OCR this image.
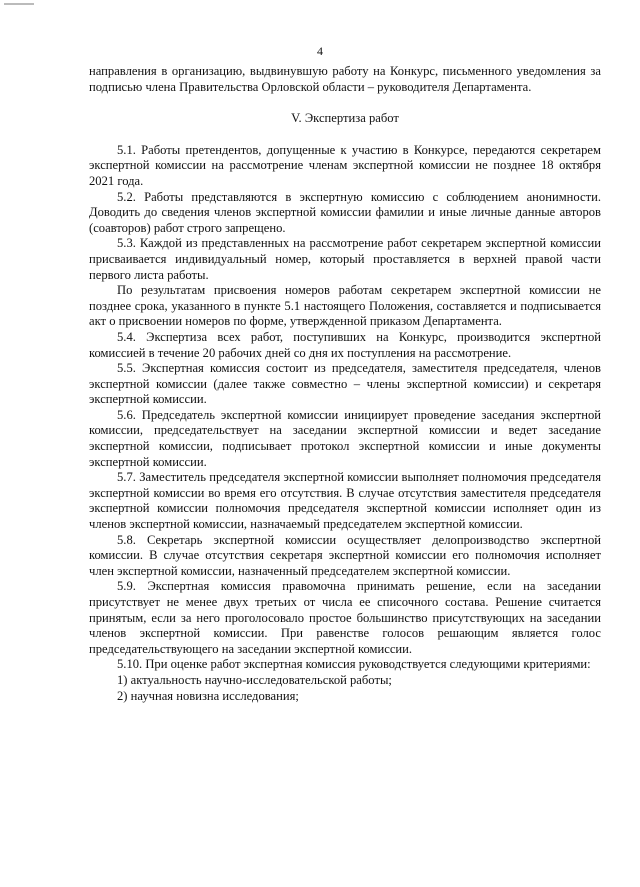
4

направления в организацию, выдвинувшую работу на Конкурс, письменного уведомления за подписью члена Правительства Орловской области – руководителя Департамента.

V. Экспертиза работ

5.1. Работы претендентов, допущенные к участию в Конкурсе, передаются секретарем экспертной комиссии на рассмотрение членам экспертной комиссии не позднее 18 октября 2021 года.

5.2. Работы представляются в экспертную комиссию с соблюдением анонимности. Доводить до сведения членов экспертной комиссии фамилии и иные личные данные авторов (соавторов) работ строго запрещено.

5.3. Каждой из представленных на рассмотрение работ секретарем экспертной комиссии присваивается индивидуальный номер, который проставляется в верхней правой части первого листа работы.

По результатам присвоения номеров работам секретарем экспертной комиссии не позднее срока, указанного в пункте 5.1 настоящего Положения, составляется и подписывается акт о присвоении номеров по форме, утвержденной приказом Департамента.

5.4. Экспертиза всех работ, поступивших на Конкурс, производится экспертной комиссией в течение 20 рабочих дней со дня их поступления на рассмотрение.

5.5. Экспертная комиссия состоит из председателя, заместителя председателя, членов экспертной комиссии (далее также совместно – члены экспертной комиссии) и секретаря экспертной комиссии.

5.6. Председатель экспертной комиссии инициирует проведение заседания экспертной комиссии, председательствует на заседании экспертной комиссии и ведет заседание экспертной комиссии, подписывает протокол экспертной комиссии и иные документы экспертной комиссии.

5.7. Заместитель председателя экспертной комиссии выполняет полномочия председателя экспертной комиссии во время его отсутствия. В случае отсутствия заместителя председателя экспертной комиссии полномочия председателя экспертной комиссии исполняет один из членов экспертной комиссии, назначаемый председателем экспертной комиссии.

5.8. Секретарь экспертной комиссии осуществляет делопроизводство экспертной комиссии. В случае отсутствия секретаря экспертной комиссии его полномочия исполняет член экспертной комиссии, назначенный председателем экспертной комиссии.

5.9. Экспертная комиссия правомочна принимать решение, если на заседании присутствует не менее двух третьих от числа ее списочного состава. Решение считается принятым, если за него проголосовало простое большинство присутствующих на заседании членов экспертной комиссии. При равенстве голосов решающим является голос председательствующего на заседании экспертной комиссии.

5.10. При оценке работ экспертная комиссия руководствуется следующими критериями:

1) актуальность научно-исследовательской работы;

2) научная новизна исследования;
